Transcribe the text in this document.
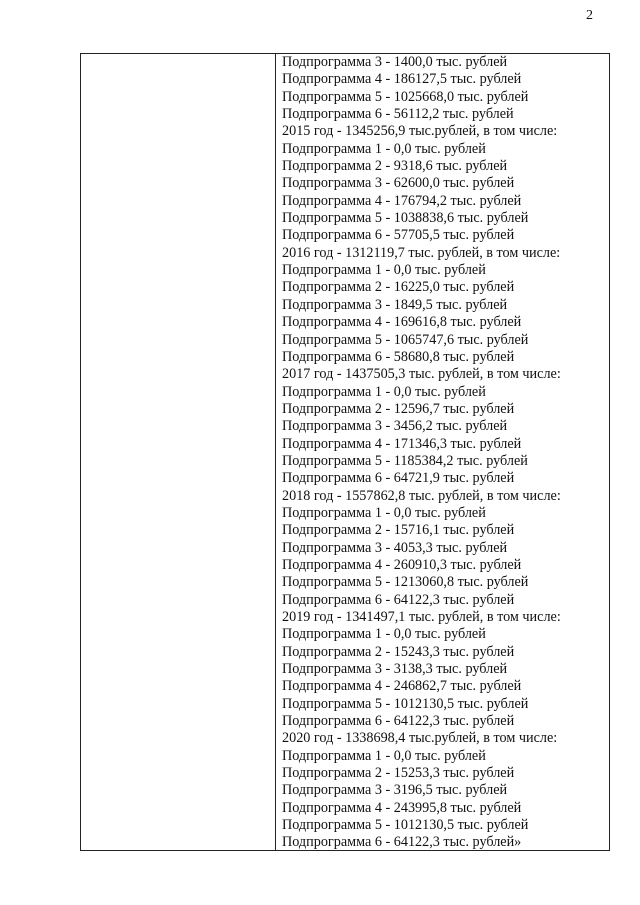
2
Подпрограмма 3 - 1400,0 тыс. рублей
Подпрограмма 4 - 186127,5 тыс. рублей
Подпрограмма 5 - 1025668,0 тыс. рублей
Подпрограмма 6 - 56112,2 тыс. рублей
2015 год - 1345256,9 тыс.рублей, в том числе:
Подпрограмма 1 - 0,0 тыс. рублей
Подпрограмма 2 - 9318,6 тыс. рублей
Подпрограмма 3 - 62600,0 тыс. рублей
Подпрограмма 4 - 176794,2 тыс. рублей
Подпрограмма 5 - 1038838,6 тыс. рублей
Подпрограмма 6 - 57705,5 тыс. рублей
2016 год - 1312119,7 тыс. рублей, в том числе:
Подпрограмма 1 - 0,0 тыс. рублей
Подпрограмма 2 - 16225,0 тыс. рублей
Подпрограмма 3 - 1849,5 тыс. рублей
Подпрограмма 4 - 169616,8 тыс. рублей
Подпрограмма 5 - 1065747,6 тыс. рублей
Подпрограмма 6 - 58680,8 тыс. рублей
2017 год - 1437505,3 тыс. рублей, в том числе:
Подпрограмма 1 - 0,0 тыс. рублей
Подпрограмма 2 - 12596,7 тыс. рублей
Подпрограмма 3 - 3456,2 тыс. рублей
Подпрограмма 4 - 171346,3 тыс. рублей
Подпрограмма 5 - 1185384,2 тыс. рублей
Подпрограмма 6 - 64721,9 тыс. рублей
2018 год - 1557862,8 тыс. рублей, в том числе:
Подпрограмма 1 - 0,0 тыс. рублей
Подпрограмма 2 - 15716,1 тыс. рублей
Подпрограмма 3 - 4053,3 тыс. рублей
Подпрограмма 4 - 260910,3 тыс. рублей
Подпрограмма 5 - 1213060,8 тыс. рублей
Подпрограмма 6 - 64122,3 тыс. рублей
2019 год - 1341497,1 тыс. рублей, в том числе:
Подпрограмма 1 - 0,0 тыс. рублей
Подпрограмма 2 - 15243,3 тыс. рублей
Подпрограмма 3 - 3138,3 тыс. рублей
Подпрограмма 4 - 246862,7 тыс. рублей
Подпрограмма 5 - 1012130,5 тыс. рублей
Подпрограмма 6 - 64122,3 тыс. рублей
2020 год - 1338698,4 тыс.рублей, в том числе:
Подпрограмма 1 - 0,0 тыс. рублей
Подпрограмма 2 - 15253,3 тыс. рублей
Подпрограмма 3 - 3196,5 тыс. рублей
Подпрограмма 4 - 243995,8 тыс. рублей
Подпрограмма 5 - 1012130,5 тыс. рублей
Подпрограмма 6 - 64122,3 тыс. рублей»
